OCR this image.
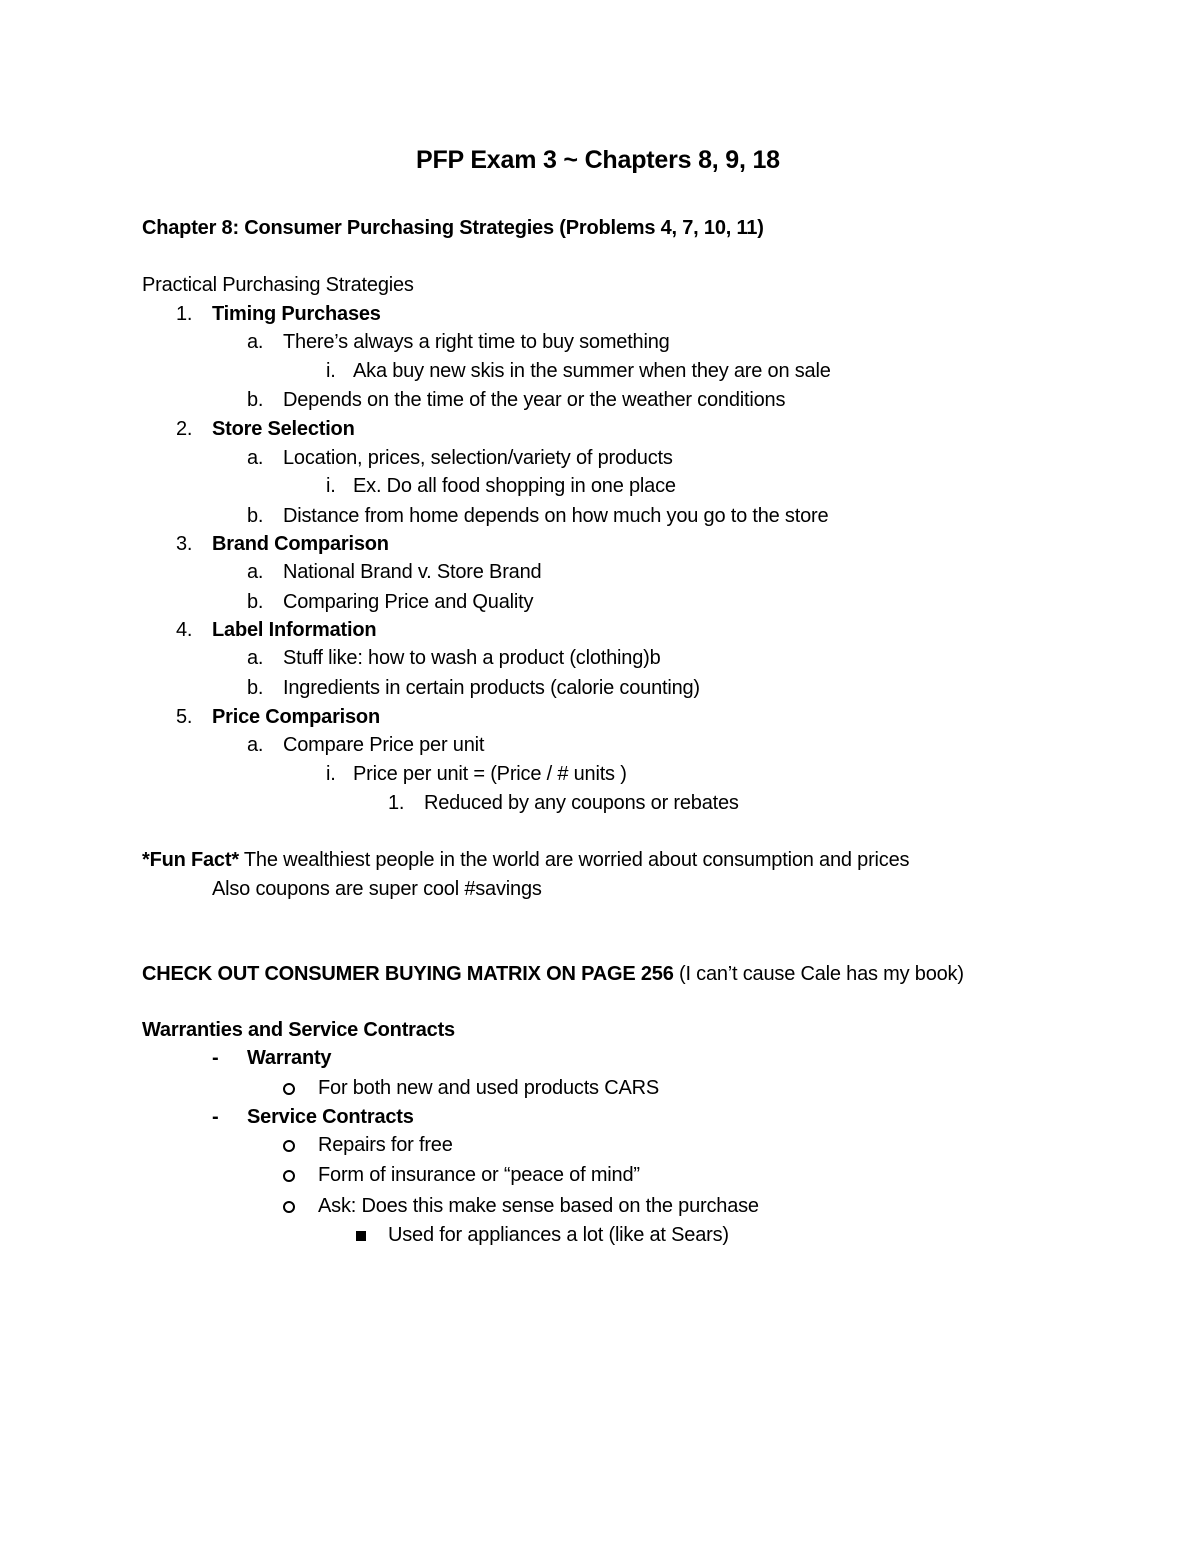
PFP Exam 3 ~ Chapters 8, 9, 18
Chapter 8: Consumer Purchasing Strategies (Problems 4, 7, 10, 11)
Practical Purchasing Strategies
1. Timing Purchases
a. There’s always a right time to buy something
i. Aka buy new skis in the summer when they are on sale
b. Depends on the time of the year or the weather conditions
2. Store Selection
a. Location, prices, selection/variety of products
i. Ex. Do all food shopping in one place
b. Distance from home depends on how much you go to the store
3. Brand Comparison
a. National Brand v. Store Brand
b. Comparing Price and Quality
4. Label Information
a. Stuff like: how to wash a product (clothing)b
b. Ingredients in certain products (calorie counting)
5. Price Comparison
a. Compare Price per unit
i. Price per unit = (Price / # units )
1. Reduced by any coupons or rebates
*Fun Fact* The wealthiest people in the world are worried about consumption and prices
Also coupons are super cool #savings
CHECK OUT CONSUMER BUYING MATRIX ON PAGE 256 (I can’t cause Cale has my book)
Warranties and Service Contracts
- Warranty
For both new and used products CARS
- Service Contracts
Repairs for free
Form of insurance or “peace of mind”
Ask: Does this make sense based on the purchase
Used for appliances a lot (like at Sears)
